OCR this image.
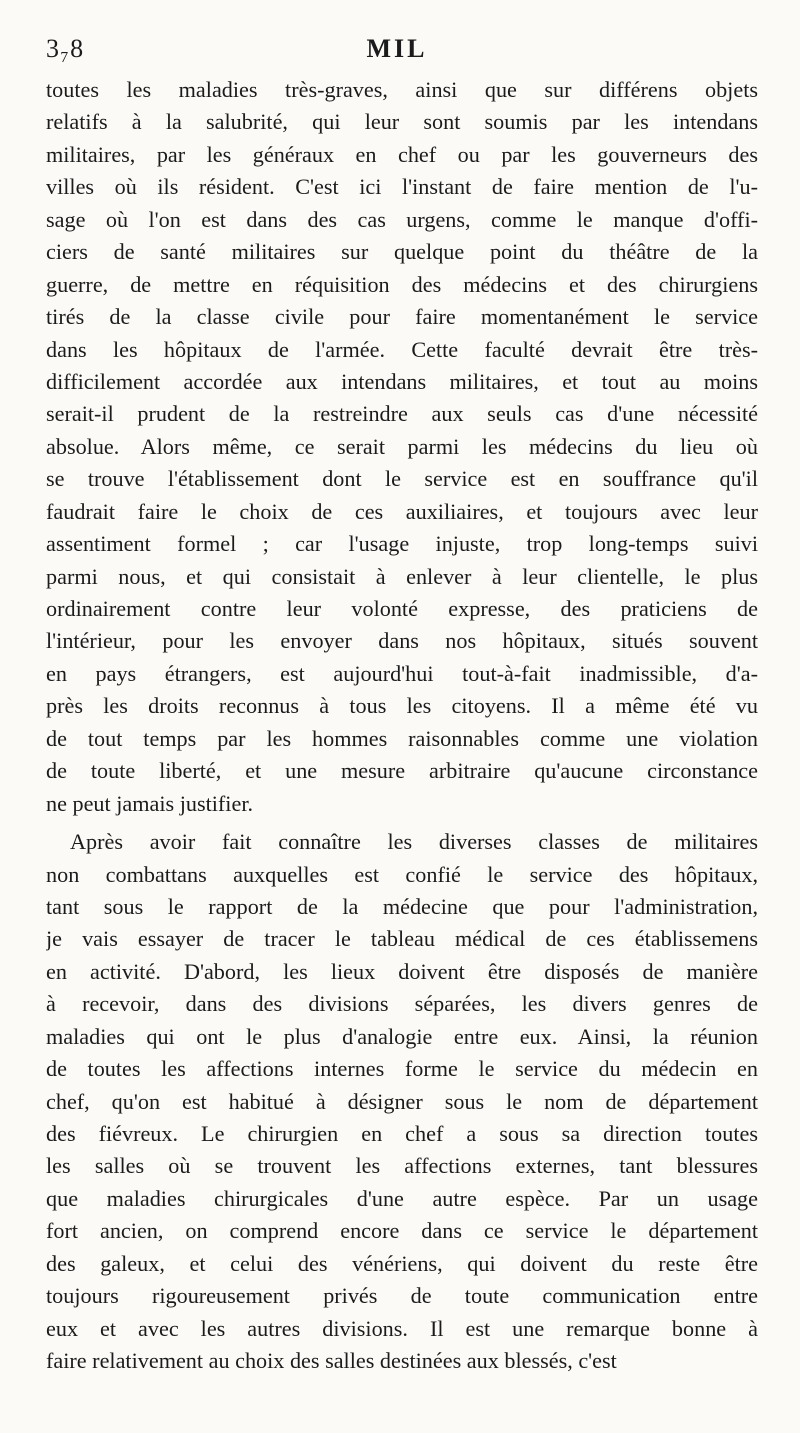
3₇8	MIL
toutes les maladies très-graves, ainsi que sur différens objets
relatifs à la salubrité, qui leur sont soumis par les intendans
militaires, par les généraux en chef ou par les gouverneurs des
villes où ils résident. C'est ici l'instant de faire mention de l'u-
sage où l'on est dans des cas urgens, comme le manque d'offi-
ciers de santé militaires sur quelque point du théâtre de la
guerre, de mettre en réquisition des médecins et des chirurgiens
tirés de la classe civile pour faire momentanément le service
dans les hôpitaux de l'armée. Cette faculté devrait être très-
difficilement accordée aux intendans militaires, et tout au moins
serait-il prudent de la restreindre aux seuls cas d'une nécessité
absolue. Alors même, ce serait parmi les médecins du lieu où
se trouve l'établissement dont le service est en souffrance qu'il
faudrait faire le choix de ces auxiliaires, et toujours avec leur
assentiment formel ; car l'usage injuste, trop long-temps suivi
parmi nous, et qui consistait à enlever à leur clientelle, le plus
ordinairement contre leur volonté expresse, des praticiens de
l'intérieur, pour les envoyer dans nos hôpitaux, situés souvent
en pays étrangers, est aujourd'hui tout-à-fait inadmissible, d'a-
près les droits reconnus à tous les citoyens. Il a même été vu
de tout temps par les hommes raisonnables comme une violation
de toute liberté, et une mesure arbitraire qu'aucune circonstance
ne peut jamais justifier.
Après avoir fait connaître les diverses classes de militaires
non combattans auxquelles est confié le service des hôpitaux,
tant sous le rapport de la médecine que pour l'administration,
je vais essayer de tracer le tableau médical de ces établissemens
en activité. D'abord, les lieux doivent être disposés de manière
à recevoir, dans des divisions séparées, les divers genres de
maladies qui ont le plus d'analogie entre eux. Ainsi, la réunion
de toutes les affections internes forme le service du médecin en
chef, qu'on est habitué à désigner sous le nom de département
des fiévreux. Le chirurgien en chef a sous sa direction toutes
les salles où se trouvent les affections externes, tant blessures
que maladies chirurgicales d'une autre espèce. Par un usage
fort ancien, on comprend encore dans ce service le département
des galeux, et celui des vénériens, qui doivent du reste être
toujours rigoureusement privés de toute communication entre
eux et avec les autres divisions. Il est une remarque bonne à
faire relativement au choix des salles destinées aux blessés, c'est
